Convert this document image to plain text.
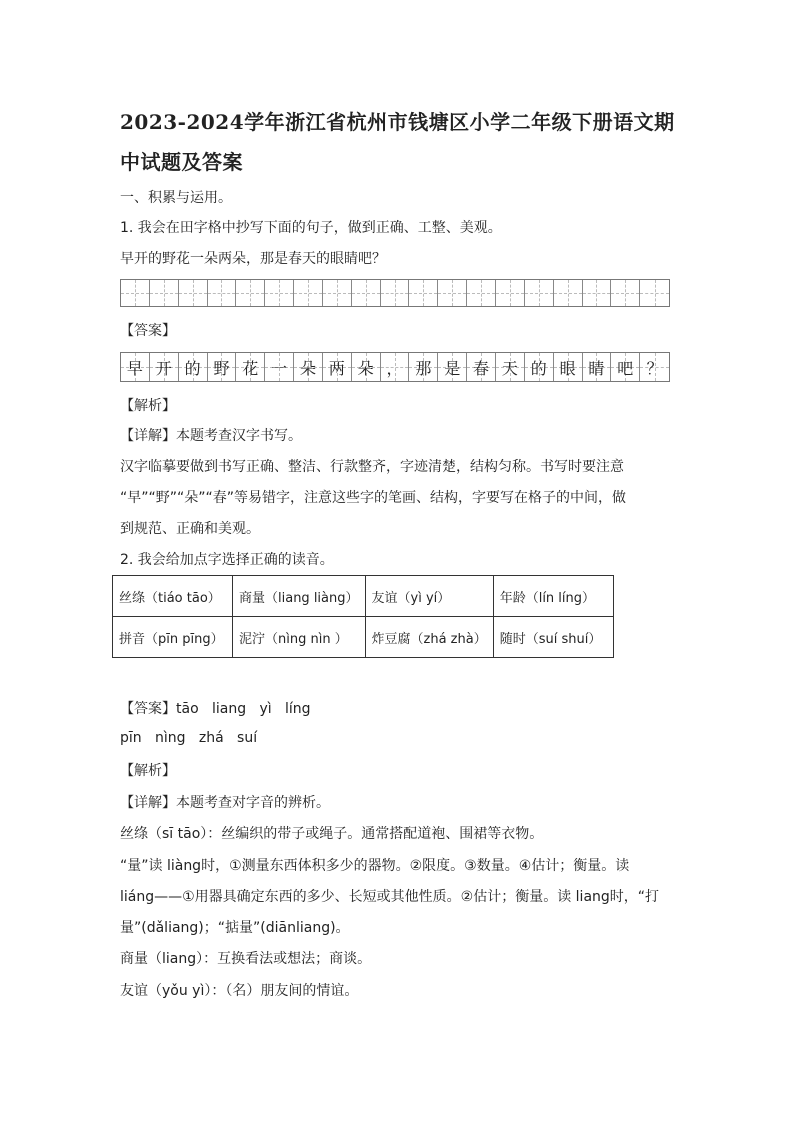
2023-2024学年浙江省杭州市钱塘区小学二年级下册语文期
中试题及答案
一、积累与运用。
1. 我会在田字格中抄写下面的句子，做到正确、工整、美观。
早开的野花一朵两朵，那是春天的眼睛吧？
【答案】
早 开 的 野 花 一 朵 两 朵 ， 那 是 春 天 的 眼 睛 吧 ？
【解析】
【详解】本题考查汉字书写。
汉字临摹要做到书写正确、整洁、行款整齐，字迹清楚，结构匀称。书写时要注意
“早”“野”“朵”“春”等易错字，注意这些字的笔画、结构，字要写在格子的中间，做
到规范、正确和美观。
2. 我会给加点字选择正确的读音。
丝绦（tiáo tāo）	商量（liang liàng）	友谊（yì yí）	年龄（lín líng）
拼音（pīn pīng）	泥泞（nìng nìn ）	炸豆腐（zhá zhà）	随时（suí shuí）
【答案】tāo   liang   yì   líng
pīn   nìng   zhá   suí
【解析】
【详解】本题考查对字音的辨析。
丝绦（sī tāo）：丝编织的带子或绳子。通常搭配道袍、围裙等衣物。
“量”读 liàng时，①测量东西体积多少的器物。②限度。③数量。④估计；衡量。读
liáng——①用器具确定东西的多少、长短或其他性质。②估计；衡量。读 liang时，“打
量”(dǎliang)；“掂量”(diānliang)。
商量（liang）：互换看法或想法；商谈。
友谊（yǒu yì）：（名）朋友间的情谊。
